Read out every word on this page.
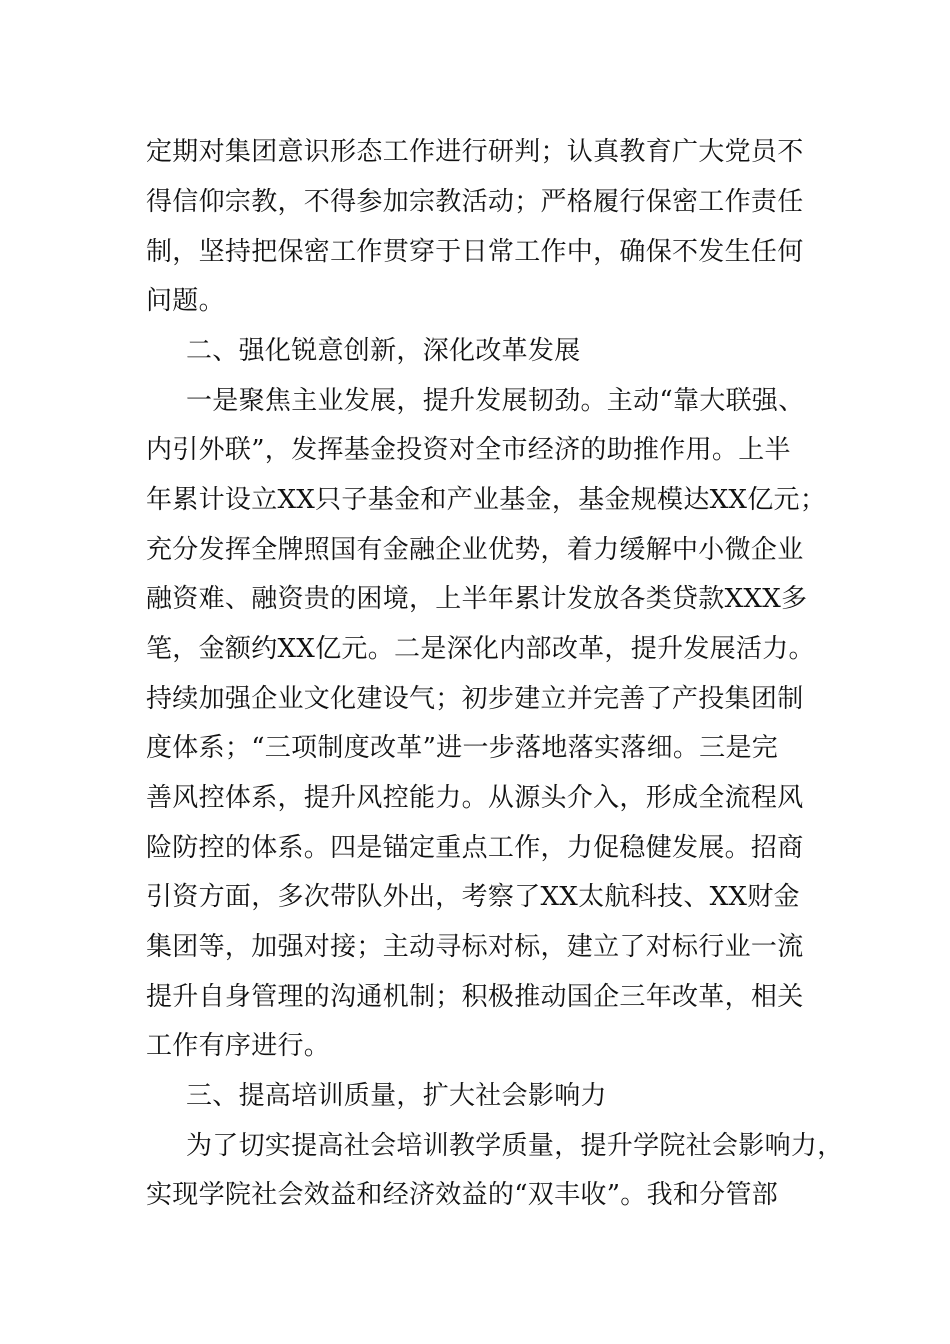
定期对集团意识形态工作进行研判；认真教育广大党员不
得信仰宗教，不得参加宗教活动；严格履行保密工作责任
制，坚持把保密工作贯穿于日常工作中，确保不发生任何
问题。
二、强化锐意创新，深化改革发展
一是聚焦主业发展，提升发展韧劲。主动“靠大联强、
内引外联”，发挥基金投资对全市经济的助推作用。上半
年累计设立XX只子基金和产业基金，基金规模达XX亿元；
充分发挥全牌照国有金融企业优势，着力缓解中小微企业
融资难、融资贵的困境，上半年累计发放各类贷款XXX多
笔，金额约XX亿元。二是深化内部改革，提升发展活力。
持续加强企业文化建设气；初步建立并完善了产投集团制
度体系；“三项制度改革”进一步落地落实落细。三是完
善风控体系，提升风控能力。从源头介入，形成全流程风
险防控的体系。四是锚定重点工作，力促稳健发展。招商
引资方面，多次带队外出，考察了XX太航科技、XX财金
集团等，加强对接；主动寻标对标，建立了对标行业一流
提升自身管理的沟通机制；积极推动国企三年改革，相关
工作有序进行。
三、提高培训质量，扩大社会影响力
为了切实提高社会培训教学质量，提升学院社会影响力，
实现学院社会效益和经济效益的“双丰收”。我和分管部
